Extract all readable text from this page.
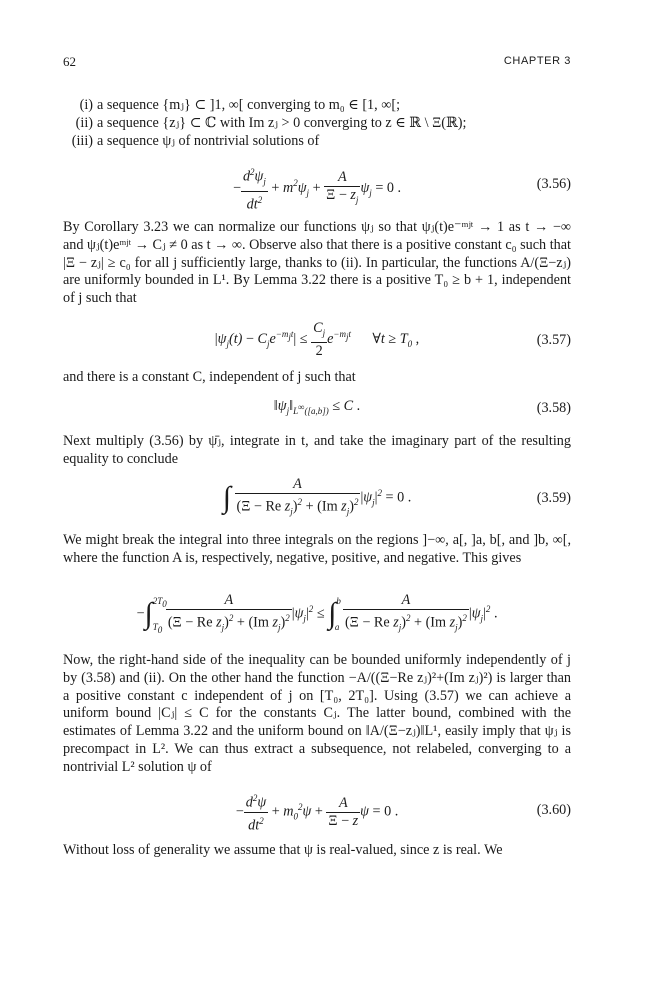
62	CHAPTER 3
(i) a sequence {mⱼ} ⊂ ]1, ∞[ converging to m₀ ∈ [1, ∞[;
(ii) a sequence {zⱼ} ⊂ ℂ with Im zⱼ > 0 converging to z ∈ ℝ \ Ξ(ℝ);
(iii) a sequence ψⱼ of nontrivial solutions of
− $\frac{d^2\psi_j}{dt^2} + m^2\psi_j + \frac{A}{\Xi - z_j} \psi_j = 0$ .	(3.56)
By Corollary 3.23 we can normalize our functions ψⱼ so that ψⱼ(t)e⁻ᵐʲᵗ → 1 as t → −∞ and ψⱼ(t)eᵐʲᵗ → Cⱼ ≠ 0 as t → ∞. Observe also that there is a positive constant c₀ such that |Ξ − zⱼ| ≥ c₀ for all j sufficiently large, thanks to (ii). In particular, the functions A/(Ξ−zⱼ) are uniformly bounded in L¹. By Lemma 3.22 there is a positive T₀ ≥ b + 1, independent of j such that
$|\psi_j(t) - C_je^{-m_jt}| \le \frac{C_j}{2} e^{-m_jt}$ ∀t ≥ $T_0$ ,	(3.57)
and there is a constant C, independent of j such that
$‖\psi_j‖_{L^\infty([a,b])} \le C$ .	(3.58)
Next multiply (3.56) by ψ̄ⱼ, integrate in t, and take the imaginary part of the resulting equality to conclude
∫ $\frac{A}{(\Xi - Re z_j)^2 + (Im z_j)^2} |\psi_j|^2 = 0$ .	(3.59)
We might break the integral into three integrals on the regions ]−∞, a[, ]a, b[, and ]b, ∞[, where the function A is, respectively, negative, positive, and negative. This gives
$-\int^{2T_0}_{T_0} \frac{A}{(\Xi - Re z_j)^2 + (Im z_j)^2} |\psi_j|^2 \le \int^b_a \frac{A}{(\Xi - Re z_j)^2 + (Im z_j)^2} |\psi_j|^2$ .
Now, the right-hand side of the inequality can be bounded uniformly independently of j by (3.58) and (ii). On the other hand the function −A/((Ξ−Re zⱼ)²+(Im zⱼ)²) is larger than a positive constant c independent of j on [T₀, 2T₀]. Using (3.57) we can achieve a uniform bound |Cⱼ| ≤ C for the constants Cⱼ. The latter bound, combined with the estimates of Lemma 3.22 and the uniform bound on ‖A/(Ξ−zⱼ)‖L¹, easily imply that ψⱼ is precompact in L². We can thus extract a subsequence, not relabeled, converging to a nontrivial L² solution ψ of
− $\frac{d^2\psi}{dt^2} + m_0^2\psi + \frac{A}{\Xi - z}$ ψ = 0 .	(3.60)
Without loss of generality we assume that ψ is real-valued, since z is real. We
